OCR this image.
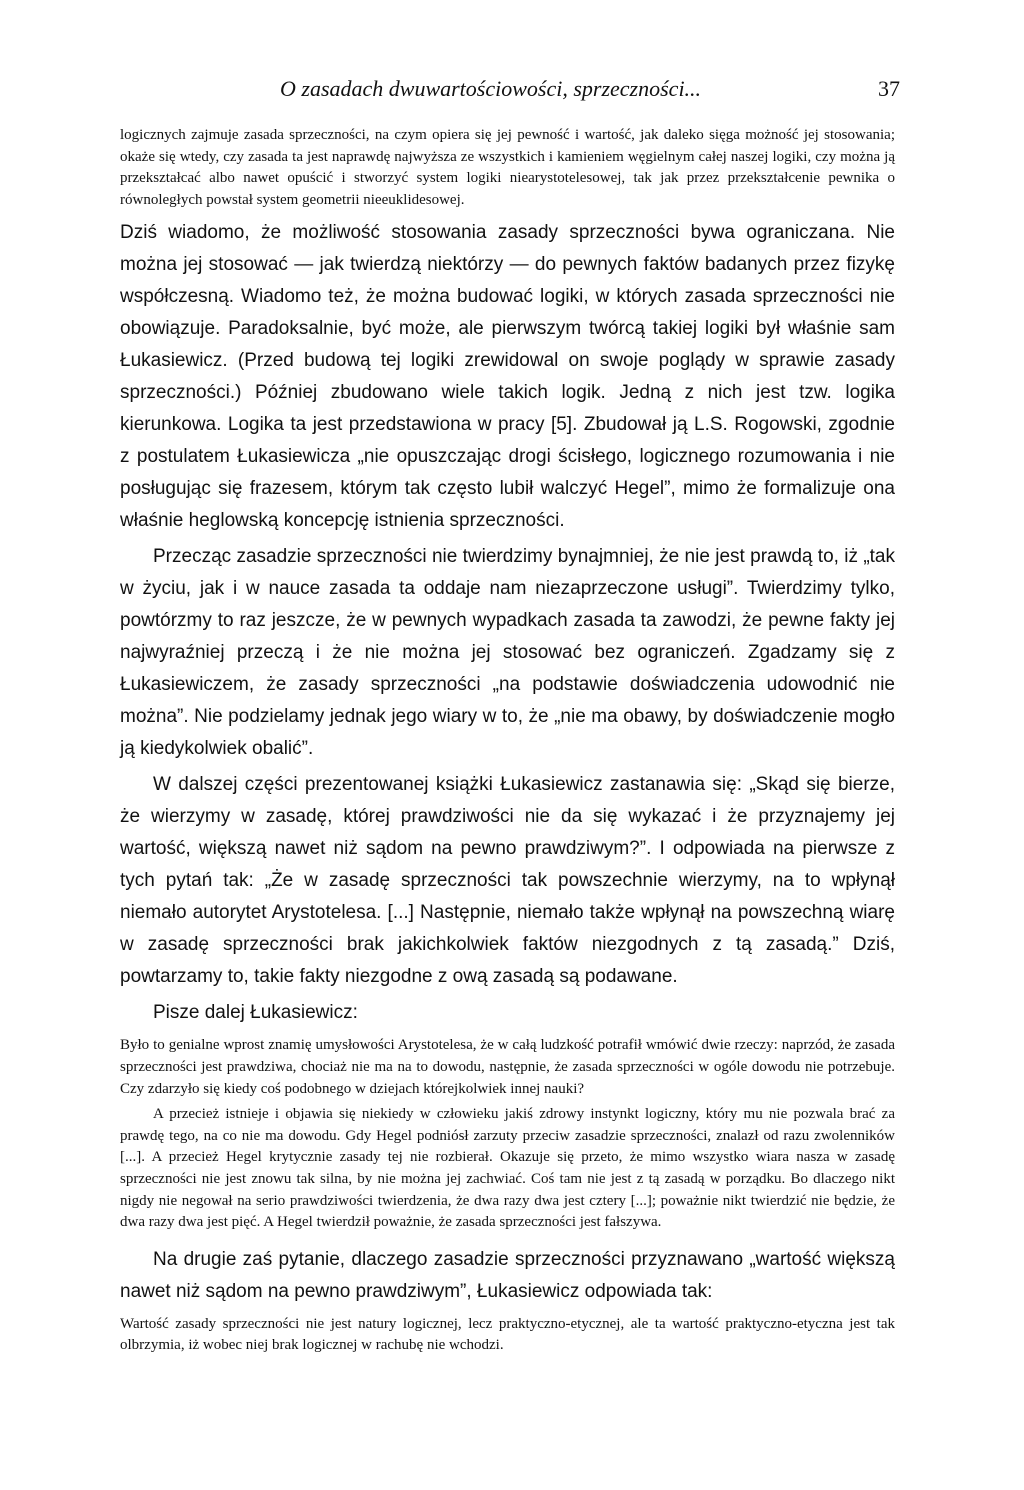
O zasadach dwuwartościowości, sprzeczności...	37

logicznych zajmuje zasada sprzeczności, na czym opiera się jej pewność i wartość, jak daleko sięga możność jej stosowania; okaże się wtedy, czy zasada ta jest naprawdę najwyższa ze wszystkich i kamieniem węgielnym całej naszej logiki, czy można ją przekształcać albo nawet opuścić i stworzyć system logiki niearystotelesowej, tak jak przez przekształcenie pewnika o równoległych powstał system geometrii nieeuklidesowej.

Dziś wiadomo, że możliwość stosowania zasady sprzeczności bywa ograniczana. Nie można jej stosować — jak twierdzą niektórzy — do pewnych faktów badanych przez fizykę współczesną. Wiadomo też, że można budować logiki, w których zasada sprzeczności nie obowiązuje. Paradoksalnie, być może, ale pierwszym twórcą takiej logiki był właśnie sam Łukasiewicz. (Przed budową tej logiki zrewidowal on swoje poglądy w sprawie zasady sprzeczności.) Później zbudowano wiele takich logik. Jedną z nich jest tzw. logika kierunkowa. Logika ta jest przedstawiona w pracy [5]. Zbudował ją L.S. Rogowski, zgodnie z postulatem Łukasiewicza „nie opuszczając drogi ścisłego, logicznego rozumowania i nie posługując się frazesem, którym tak często lubił walczyć Hegel”, mimo że formalizuje ona właśnie heglowską koncepcję istnienia sprzeczności.

Przecząc zasadzie sprzeczności nie twierdzimy bynajmniej, że nie jest prawdą to, iż „tak w życiu, jak i w nauce zasada ta oddaje nam niezaprzeczone usługi”. Twierdzimy tylko, powtórzmy to raz jeszcze, że w pewnych wypadkach zasada ta zawodzi, że pewne fakty jej najwyraźniej przeczą i że nie można jej stosować bez ograniczeń. Zgadzamy się z Łukasiewiczem, że zasady sprzeczności „na podstawie doświadczenia udowodnić nie można”. Nie podzielamy jednak jego wiary w to, że „nie ma obawy, by doświadczenie mogło ją kiedykolwiek obalić”.

W dalszej części prezentowanej książki Łukasiewicz zastanawia się: „Skąd się bierze, że wierzymy w zasadę, której prawdziwości nie da się wykazać i że przyznajemy jej wartość, większą nawet niż sądom na pewno prawdziwym?”. I odpowiada na pierwsze z tych pytań tak: „Że w zasadę sprzeczności tak powszechnie wierzymy, na to wpłynął niemało autorytet Arystotelesa. [...] Następnie, niemało także wpłynął na powszechną wiarę w zasadę sprzeczności brak jakichkolwiek faktów niezgodnych z tą zasadą.” Dziś, powtarzamy to, takie fakty niezgodne z ową zasadą są podawane.

Pisze dalej Łukasiewicz:

Było to genialne wprost znamię umysłowości Arystotelesa, że w całą ludzkość potrafił wmówić dwie rzeczy: naprzód, że zasada sprzeczności jest prawdziwa, chociaż nie ma na to dowodu, następnie, że zasada sprzeczności w ogóle dowodu nie potrzebuje. Czy zdarzyło się kiedy coś podobnego w dziejach którejkolwiek innej nauki?

A przecież istnieje i objawia się niekiedy w człowieku jakiś zdrowy instynkt logiczny, który mu nie pozwala brać za prawdę tego, na co nie ma dowodu. Gdy Hegel podniósł zarzuty przeciw zasadzie sprzeczności, znalazł od razu zwolenników [...]. A przecież Hegel krytycznie zasady tej nie rozbierał. Okazuje się przeto, że mimo wszystko wiara nasza w zasadę sprzeczności nie jest znowu tak silna, by nie można jej zachwiać. Coś tam nie jest z tą zasadą w porządku. Bo dlaczego nikt nigdy nie negował na serio prawdziwości twierdzenia, że dwa razy dwa jest cztery [...]; poważnie nikt twierdzić nie będzie, że dwa razy dwa jest pięć. A Hegel twierdził poważnie, że zasada sprzeczności jest fałszywa.

Na drugie zaś pytanie, dlaczego zasadzie sprzeczności przyznawano „wartość większą nawet niż sądom na pewno prawdziwym”, Łukasiewicz odpowiada tak:

Wartość zasady sprzeczności nie jest natury logicznej, lecz praktyczno-etycznej, ale ta wartość praktyczno-etyczna jest tak olbrzymia, iż wobec niej brak logicznej w rachubę nie wchodzi.
